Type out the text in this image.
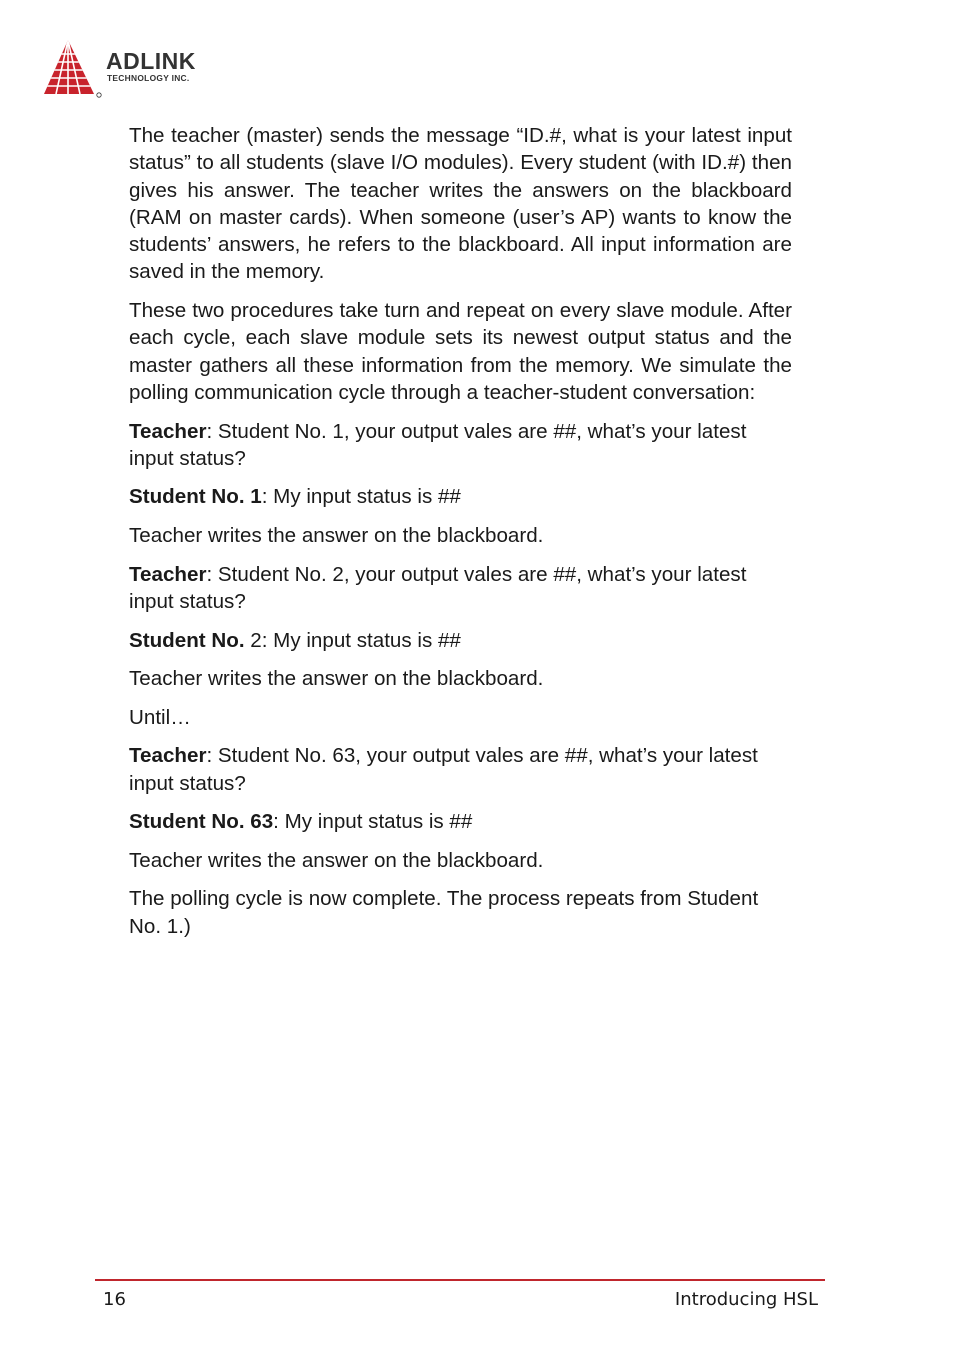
ADLINK
TECHNOLOGY INC.

The teacher (master) sends the message “ID.#, what is your latest input status” to all students (slave I/O modules). Every student (with ID.#) then gives his answer. The teacher writes the answers on the blackboard (RAM on master cards). When someone (user’s AP) wants to know the students’ answers, he refers to the blackboard. All input information are saved in the memory.

These two procedures take turn and repeat on every slave module. After each cycle, each slave module sets its newest output status and the master gathers all these information from the memory. We simulate the polling communication cycle through a teacher-student conversation:

Teacher: Student No. 1, your output vales are ##, what’s your latest input status?

Student No. 1: My input status is ##

Teacher writes the answer on the blackboard.

Teacher: Student No. 2, your output vales are ##, what’s your latest input status?

Student No. 2: My input status is ##

Teacher writes the answer on the blackboard.

Until…

Teacher: Student No. 63, your output vales are ##, what’s your latest input status?

Student No. 63: My input status is ##

Teacher writes the answer on the blackboard.

The polling cycle is now complete. The process repeats from Student No. 1.)

16	Introducing HSL
